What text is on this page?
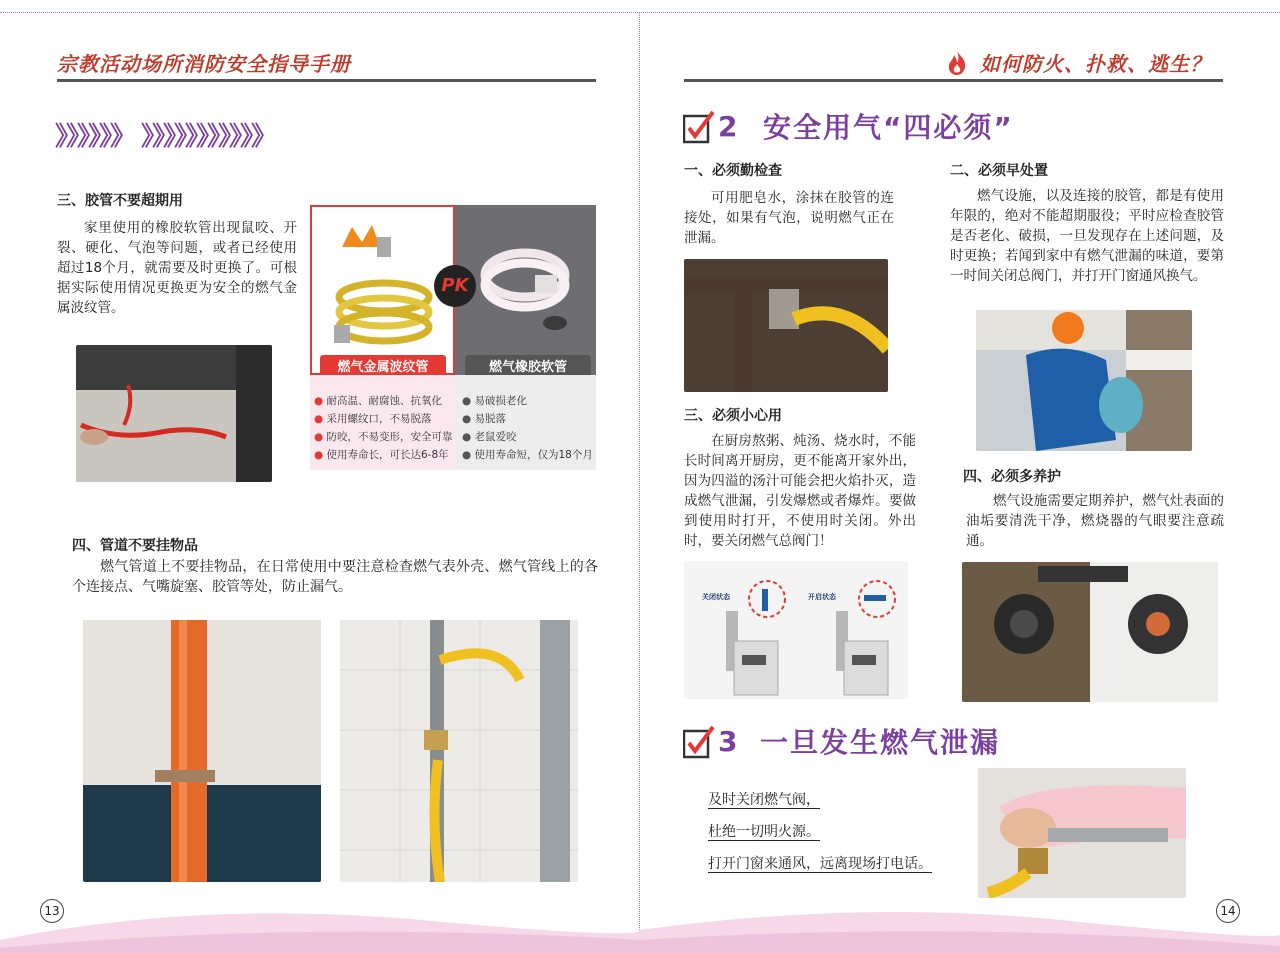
宗教活动场所消防安全指导手册
》》》》》》 》》》》》》》》》》》
三、胶管不要超期用
家里使用的橡胶软管出现鼠咬、开裂、硬化、气泡等问题，或者已经使用超过18个月，就需要及时更换了。可根据实际使用情况更换更为安全的燃气金属波纹管。
PK
燃气金属波纹管	燃气橡胶软管
● 耐高温、耐腐蚀、抗氧化
● 采用螺纹口，不易脱落
● 防咬，不易变形，安全可靠
● 使用寿命长，可长达6-8年
● 易破损老化
● 易脱落
● 老鼠爱咬
● 使用寿命短，仅为18个月
四、管道不要挂物品
燃气管道上不要挂物品，在日常使用中要注意检查燃气表外壳、燃气管线上的各个连接点、气嘴旋塞、胶管等处，防止漏气。
13
如何防火、扑救、逃生？
2 安全用气“四必须”
一、必须勤检查
可用肥皂水，涂抹在胶管的连接处，如果有气泡，说明燃气正在泄漏。
三、必须小心用
在厨房熬粥、炖汤、烧水时，不能长时间离开厨房，更不能离开家外出，因为四溢的汤汁可能会把火焰扑灭，造成燃气泄漏，引发爆燃或者爆炸。要做到使用时打开，不使用时关闭。外出时，要关闭燃气总阀门！
关闭状态	开启状态
二、必须早处置
燃气设施，以及连接的胶管，都是有使用年限的，绝对不能超期服役；平时应检查胶管是否老化、破损，一旦发现存在上述问题，及时更换；若闻到家中有燃气泄漏的味道，要第一时间关闭总阀门，并打开门窗通风换气。
四、必须多养护
燃气设施需要定期养护，燃气灶表面的油垢要清洗干净，燃烧器的气眼要注意疏通。
3 一旦发生燃气泄漏
及时关闭燃气阀，
杜绝一切明火源。
打开门窗来通风，远离现场打电话。
14
